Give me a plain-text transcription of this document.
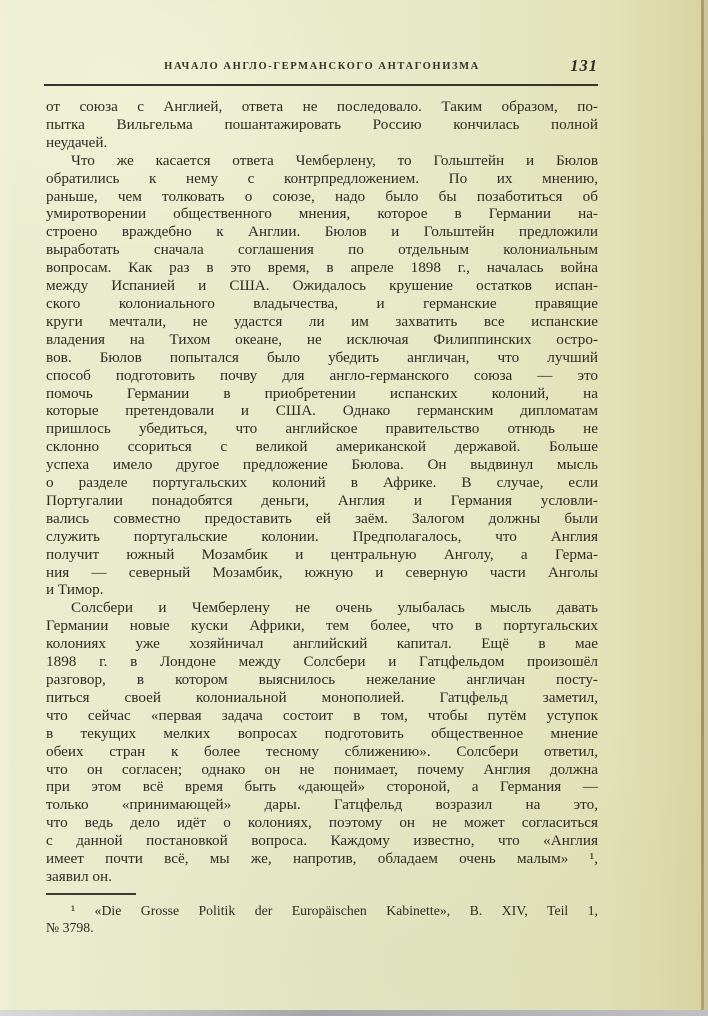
НАЧАЛО АНГЛО-ГЕРМАНСКОГО АНТАГОНИЗМА	131
от союза с Англией, ответа не последовало. Таким образом, по-
пытка Вильгельма пошантажировать Россию кончилась полной
неудачей.
Что же касается ответа Чемберлену, то Гольштейн и Бюлов
обратились к нему с контрпредложением. По их мнению,
раньше, чем толковать о союзе, надо было бы позаботиться об
умиротворении общественного мнения, которое в Германии на-
строено враждебно к Англии. Бюлов и Гольштейн предложили
выработать сначала соглашения по отдельным колониальным
вопросам. Как раз в это время, в апреле 1898 г., началась война
между Испанией и США. Ожидалось крушение остатков испан-
ского колониального владычества, и германские правящие
круги мечтали, не удастся ли им захватить все испанские
владения на Тихом океане, не исключая Филиппинских остро-
вов. Бюлов попытался было убедить англичан, что лучший
способ подготовить почву для англо-германского союза — это
помочь Германии в приобретении испанских колоний, на
которые претендовали и США. Однако германским дипломатам
пришлось убедиться, что английское правительство отнюдь не
склонно ссориться с великой американской державой. Больше
успеха имело другое предложение Бюлова. Он выдвинул мысль
о разделе португальских колоний в Африке. В случае, если
Португалии понадобятся деньги, Англия и Германия условли-
вались совместно предоставить ей заём. Залогом должны были
служить португальские колонии. Предполагалось, что Англия
получит южный Мозамбик и центральную Анголу, а Герма-
ния — северный Мозамбик, южную и северную части Анголы
и Тимор.
Солсбери и Чемберлену не очень улыбалась мысль давать
Германии новые куски Африки, тем более, что в португальских
колониях уже хозяйничал английский капитал. Ещё в мае
1898 г. в Лондоне между Солсбери и Гатцфельдом произошёл
разговор, в котором выяснилось нежелание англичан посту-
питься своей колониальной монополией. Гатцфельд заметил,
что сейчас «первая задача состоит в том, чтобы путём уступок
в текущих мелких вопросах подготовить общественное мнение
обеих стран к более тесному сближению». Солсбери ответил,
что он согласен; однако он не понимает, почему Англия должна
при этом всё время быть «дающей» стороной, а Германия —
только «принимающей» дары. Гатцфельд возразил на это,
что ведь дело идёт о колониях, поэтому он не может согласиться
с данной постановкой вопроса. Каждому известно, что «Англия
имеет почти всё, мы же, напротив, обладаем очень малым» ¹,
заявил он.
¹ «Die Grosse Politik der Europäischen Kabinette», B. XIV, Teil 1,
№ 3798.
